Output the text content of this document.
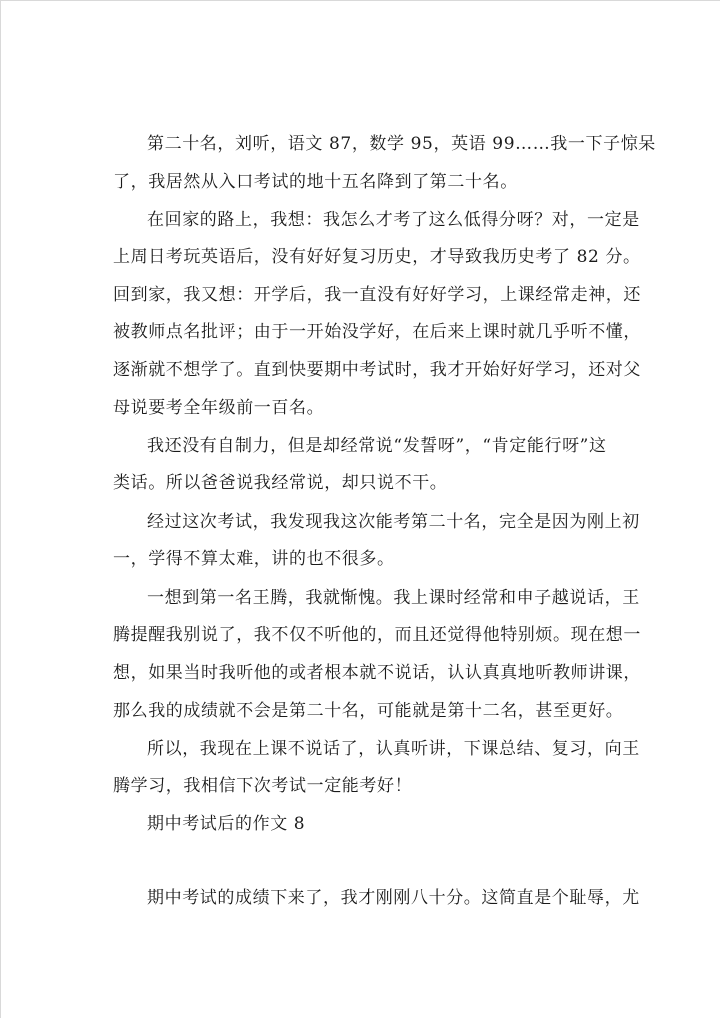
第二十名，刘听，语文 87，数学 95，英语 99……我一下子惊呆
了，我居然从入口考试的地十五名降到了第二十名。
在回家的路上，我想：我怎么才考了这么低得分呀？对，一定是
上周日考玩英语后，没有好好复习历史，才导致我历史考了 82 分。
回到家，我又想：开学后，我一直没有好好学习，上课经常走神，还
被教师点名批评；由于一开始没学好，在后来上课时就几乎听不懂，
逐渐就不想学了。直到快要期中考试时，我才开始好好学习，还对父
母说要考全年级前一百名。
我还没有自制力，但是却经常说“发誓呀”，“肯定能行呀”这
类话。所以爸爸说我经常说，却只说不干。
经过这次考试，我发现我这次能考第二十名，完全是因为刚上初
一，学得不算太难，讲的也不很多。
一想到第一名王腾，我就惭愧。我上课时经常和申子越说话，王
腾提醒我别说了，我不仅不听他的，而且还觉得他特别烦。现在想一
想，如果当时我听他的或者根本就不说话，认认真真地听教师讲课，
那么我的成绩就不会是第二十名，可能就是第十二名，甚至更好。
所以，我现在上课不说话了，认真听讲，下课总结、复习，向王
腾学习，我相信下次考试一定能考好！
期中考试后的作文 8
期中考试的成绩下来了，我才刚刚八十分。这简直是个耻辱，尤
